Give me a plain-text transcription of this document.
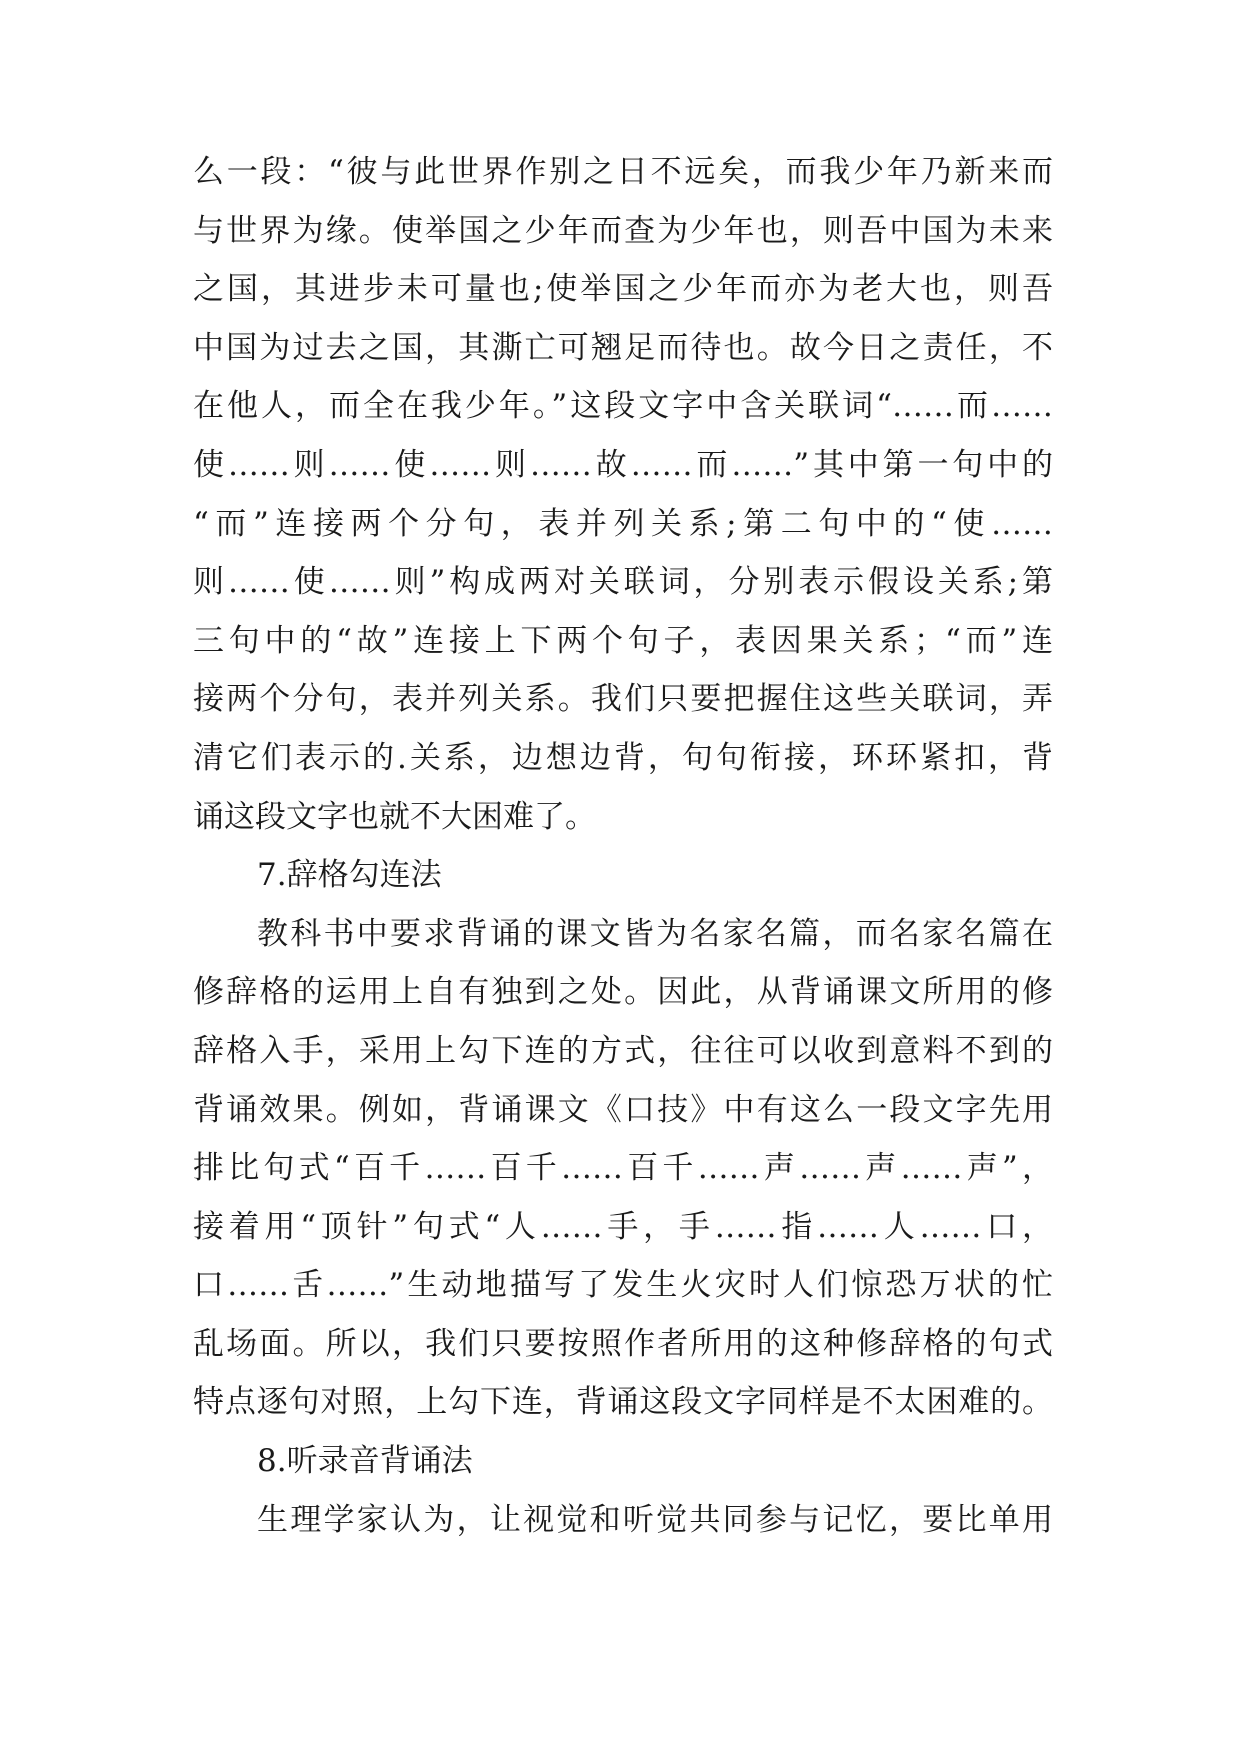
么一段：“彼与此世界作别之日不远矣，而我少年乃新来而
与世界为缘。使举国之少年而查为少年也，则吾中国为未来
之国，其进步未可量也;使举国之少年而亦为老大也，则吾
中国为过去之国，其澌亡可翘足而待也。故今日之责任，不
在他人，而全在我少年。”这段文字中含关联词“……而……
使……则……使……则……故……而……”其中第一句中的
“而”连接两个分句，表并列关系;第二句中的“使……
则……使……则”构成两对关联词，分别表示假设关系;第
三句中的“故”连接上下两个句子，表因果关系；“而”连
接两个分句，表并列关系。我们只要把握住这些关联词，弄
清它们表示的.关系，边想边背，句句衔接，环环紧扣，背
诵这段文字也就不大困难了。
7.辞格勾连法
教科书中要求背诵的课文皆为名家名篇，而名家名篇在
修辞格的运用上自有独到之处。因此，从背诵课文所用的修
辞格入手，采用上勾下连的方式，往往可以收到意料不到的
背诵效果。例如，背诵课文《口技》中有这么一段文字先用
排比句式“百千……百千……百千……声……声……声”，
接着用“顶针”句式“人……手，手……指……人……口，
口……舌……”生动地描写了发生火灾时人们惊恐万状的忙
乱场面。所以，我们只要按照作者所用的这种修辞格的句式
特点逐句对照，上勾下连，背诵这段文字同样是不太困难的。
8.听录音背诵法
生理学家认为，让视觉和听觉共同参与记忆，要比单用
